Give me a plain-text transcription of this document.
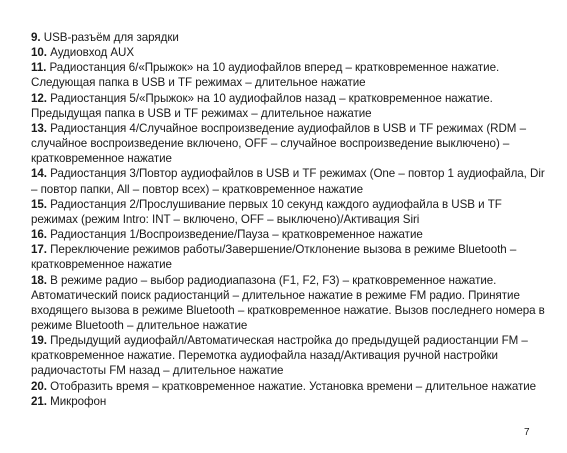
9. USB-разъём для зарядки

10. Аудиовход AUX

11. Радиостанция 6/«Прыжок» на 10 аудиофайлов вперед – кратковременное нажатие. Следующая папка в USB и TF режимах – длительное нажатие

12. Радиостанция 5/«Прыжок» на 10 аудиофайлов назад – кратковременное нажатие. Предыдущая папка в USB и TF режимах – длительное нажатие

13. Радиостанция 4/Случайное воспроизведение аудиофайлов в USB и TF режимах (RDM – случайное воспроизведение включено, OFF – случайное воспроизведение выключено) – кратковременное нажатие

14. Радиостанция 3/Повтор аудиофайлов в USB и TF режимах (One – повтор 1 аудиофайла, Dir – повтор папки, All – повтор всех) – кратковременное нажатие

15. Радиостанция 2/Прослушивание первых 10 секунд каждого аудиофайла в USB и TF режимах (режим Intro: INT – включено, OFF – выключено)/Активация Siri

16. Радиостанция 1/Воспроизведение/Пауза – кратковременное нажатие

17. Переключение режимов работы/Завершение/Отклонение вызова в режиме Bluetooth – кратковременное нажатие

18. В режиме радио – выбор радиодиапазона (F1, F2, F3) – кратковременное нажатие. Автоматический поиск радиостанций – длительное нажатие в режиме FM радио. Принятие входящего вызова в режиме Bluetooth – кратковременное нажатие. Вызов последнего номера в режиме Bluetooth – длительное нажатие

19. Предыдущий аудиофайл/Автоматическая настройка до предыдущей радиостанции FM – кратковременное нажатие. Перемотка аудиофайла назад/Активация ручной настройки радиочастоты FM назад – длительное нажатие

20. Отобразить время – кратковременное нажатие. Установка времени – длительное нажатие

21. Микрофон

7
